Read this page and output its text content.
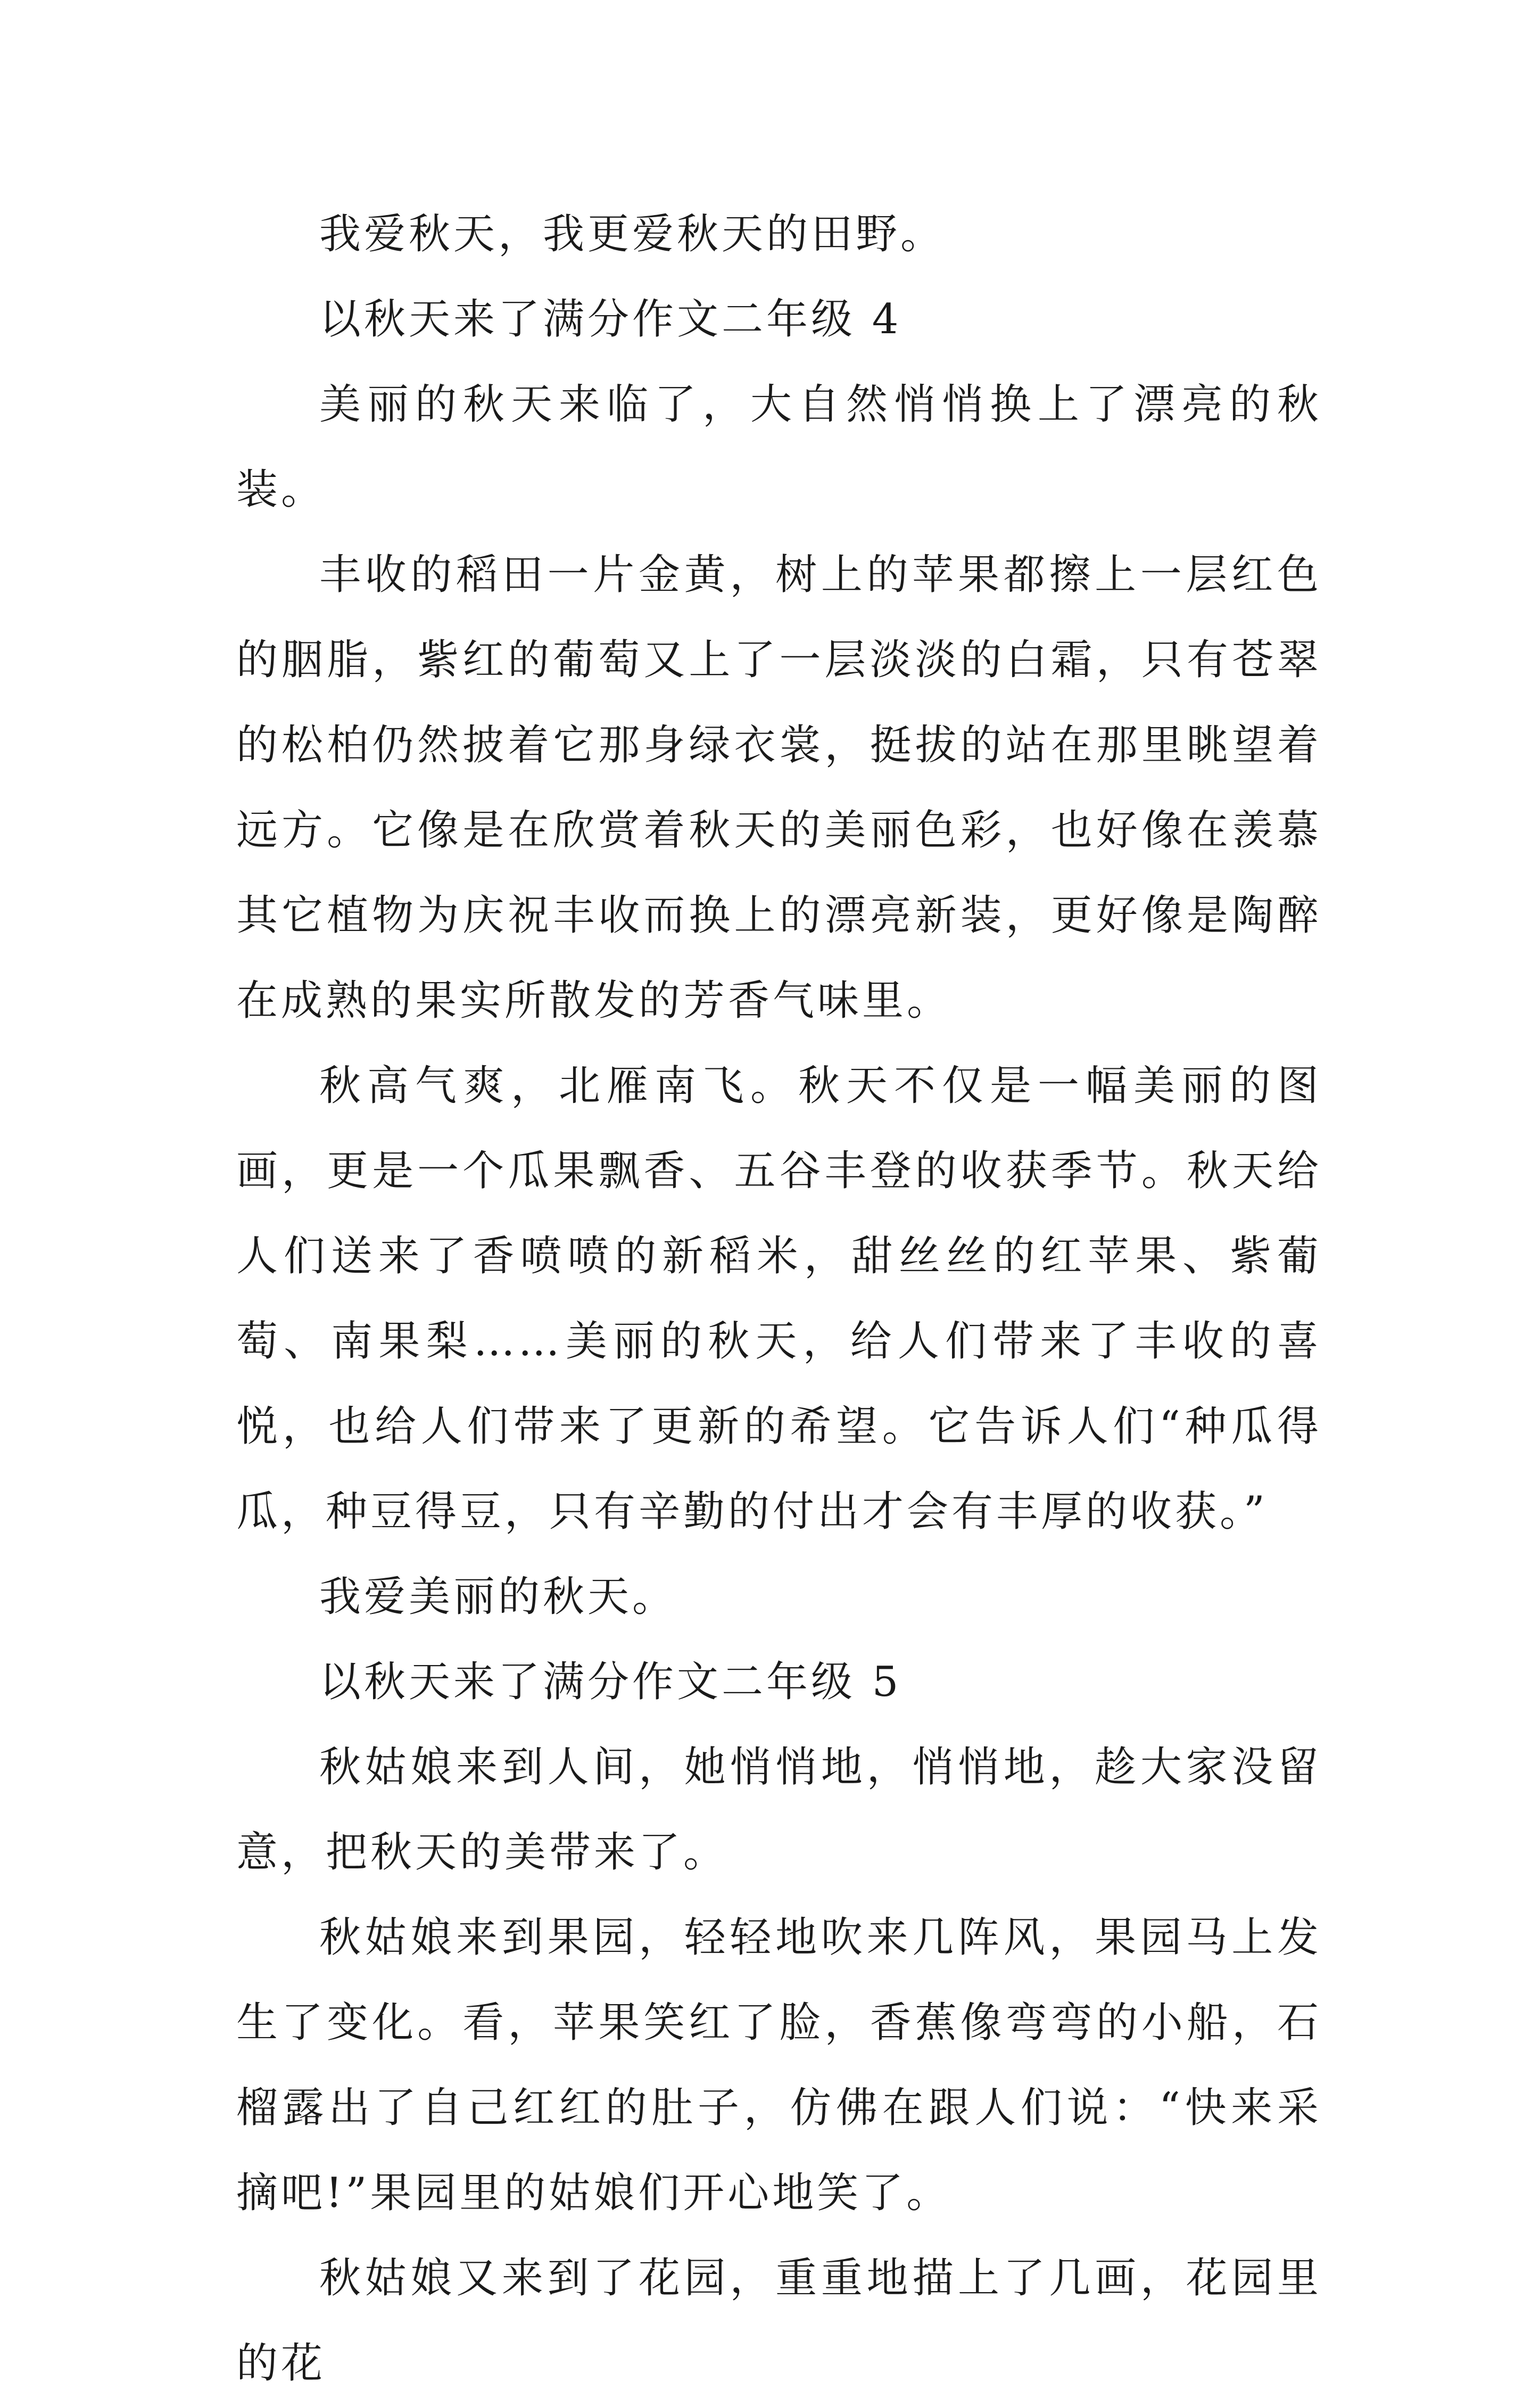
我爱秋天，我更爱秋天的田野。

以秋天来了满分作文二年级 4

美丽的秋天来临了，大自然悄悄换上了漂亮的秋装。

丰收的稻田一片金黄，树上的苹果都擦上一层红色的胭脂，紫红的葡萄又上了一层淡淡的白霜，只有苍翠的松柏仍然披着它那身绿衣裳，挺拔的站在那里眺望着远方。它像是在欣赏着秋天的美丽色彩，也好像在羡慕其它植物为庆祝丰收而换上的漂亮新装，更好像是陶醉在成熟的果实所散发的芳香气味里。

秋高气爽，北雁南飞。秋天不仅是一幅美丽的图画，更是一个瓜果飘香、五谷丰登的收获季节。秋天给人们送来了香喷喷的新稻米，甜丝丝的红苹果、紫葡萄、南果梨……美丽的秋天，给人们带来了丰收的喜悦，也给人们带来了更新的希望。它告诉人们“种瓜得瓜，种豆得豆，只有辛勤的付出才会有丰厚的收获。”

我爱美丽的秋天。

以秋天来了满分作文二年级 5

秋姑娘来到人间，她悄悄地，悄悄地，趁大家没留意，把秋天的美带来了。

秋姑娘来到果园，轻轻地吹来几阵风，果园马上发生了变化。看，苹果笑红了脸，香蕉像弯弯的小船，石榴露出了自己红红的肚子，仿佛在跟人们说：“快来采摘吧!”果园里的姑娘们开心地笑了。

秋姑娘又来到了花园，重重地描上了几画，花园里的花
